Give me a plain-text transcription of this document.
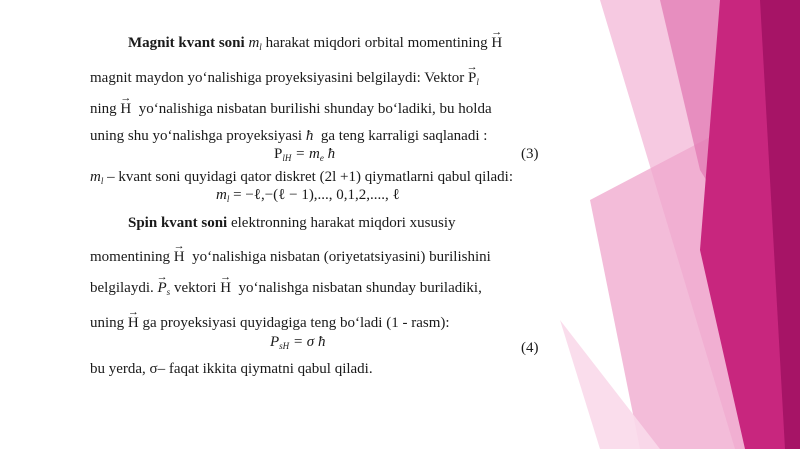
Magnit kvant soni $m_l$ harakat miqdori orbital momentining → H
magnit maydon yo‘nalishiga proyeksiyasini belgilaydi: Vektor → $P_l$
ning → H yo‘nalishiga nisbatan burilishi shunday bo‘ladiki, bu holda
uning shu yo‘nalishga proyeksiyasi ħ ga teng karraligi saqlanadi :
$P_{lH} = m_e$ ħ	(3)
$m_l$ – kvant soni quyidagi qator diskret (2l +1) qiymatlarni qabul qiladi:
$m_l$ = −ℓ,−(ℓ − 1),..., 0,1,2,...., ℓ
Spin kvant soni elektronning harakat miqdori xususiy
momentining → H yo‘nalishiga nisbatan (oriyetatsiyasini) burilishini
belgilaydi. → $P_s$ vektori → H yo‘nalishga nisbatan shunday buriladiki,
uning → H ga proyeksiyasi quyidagiga teng bo‘ladi (1 - rasm):
$P_{sH} = \sigma$ ħ	(4)
bu yerda, σ– faqat ikkita qiymatni qabul qiladi.
